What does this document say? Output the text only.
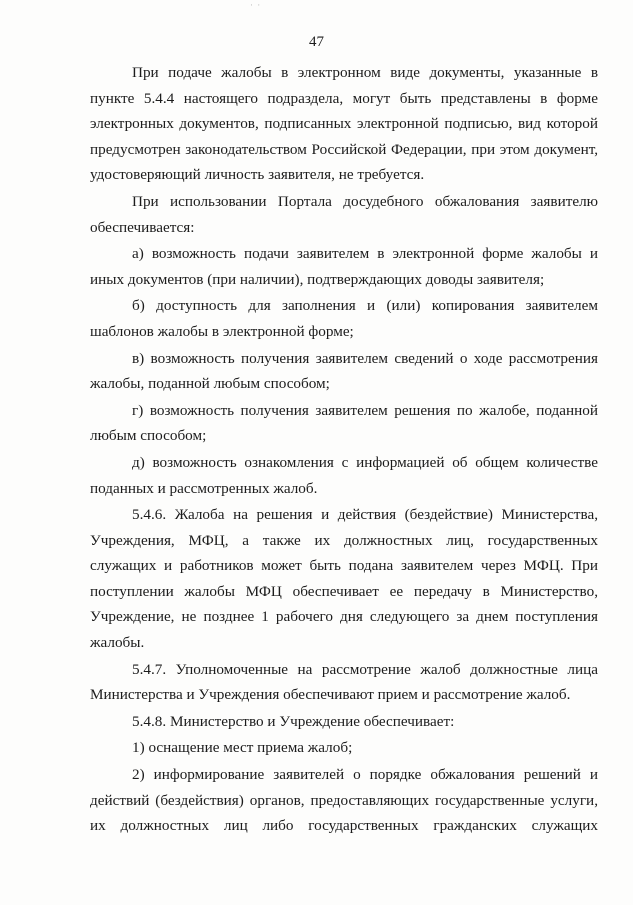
· ·
47

При подаче жалобы в электронном виде документы, указанные в пункте 5.4.4 настоящего подраздела, могут быть представлены в форме электронных документов, подписанных электронной подписью, вид которой предусмотрен законодательством Российской Федерации, при этом документ, удостоверяющий личность заявителя, не требуется.

При использовании Портала досудебного обжалования заявителю обеспечивается:

а) возможность подачи заявителем в электронной форме жалобы и иных документов (при наличии), подтверждающих доводы заявителя;

б) доступность для заполнения и (или) копирования заявителем шаблонов жалобы в электронной форме;

в) возможность получения заявителем сведений о ходе рассмотрения жалобы, поданной любым способом;

г) возможность получения заявителем решения по жалобе, поданной любым способом;

д) возможность ознакомления с информацией об общем количестве поданных и рассмотренных жалоб.

5.4.6. Жалоба на решения и действия (бездействие) Министерства, Учреждения, МФЦ, а также их должностных лиц, государственных служащих и работников может быть подана заявителем через МФЦ. При поступлении жалобы МФЦ обеспечивает ее передачу в Министерство, Учреждение, не позднее 1 рабочего дня следующего за днем поступления жалобы.

5.4.7. Уполномоченные на рассмотрение жалоб должностные лица Министерства и Учреждения обеспечивают прием и рассмотрение жалоб.

5.4.8. Министерство и Учреждение обеспечивает:

1) оснащение мест приема жалоб;

2) информирование заявителей о порядке обжалования решений и действий (бездействия) органов, предоставляющих государственные услуги, их должностных лиц либо государственных гражданских служащих
